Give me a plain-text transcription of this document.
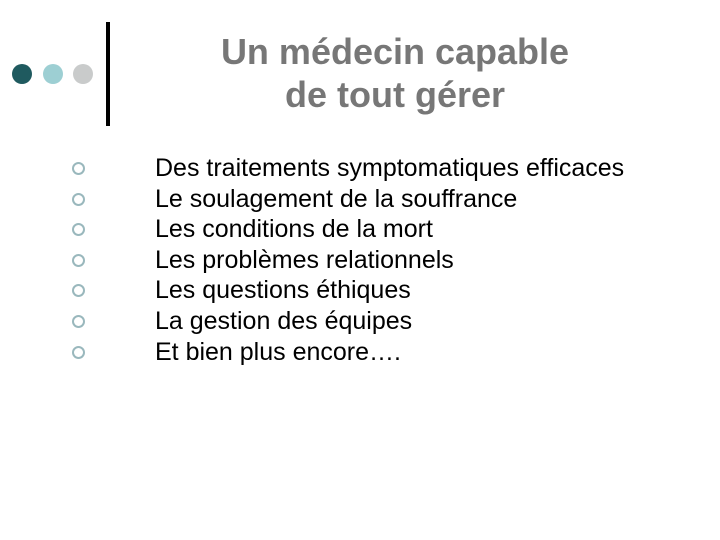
Un médecin capable
de tout gérer
Des traitements symptomatiques efficaces
Le soulagement de la souffrance
Les conditions de la mort
Les problèmes relationnels
Les questions éthiques
La gestion des équipes
Et bien plus encore….
